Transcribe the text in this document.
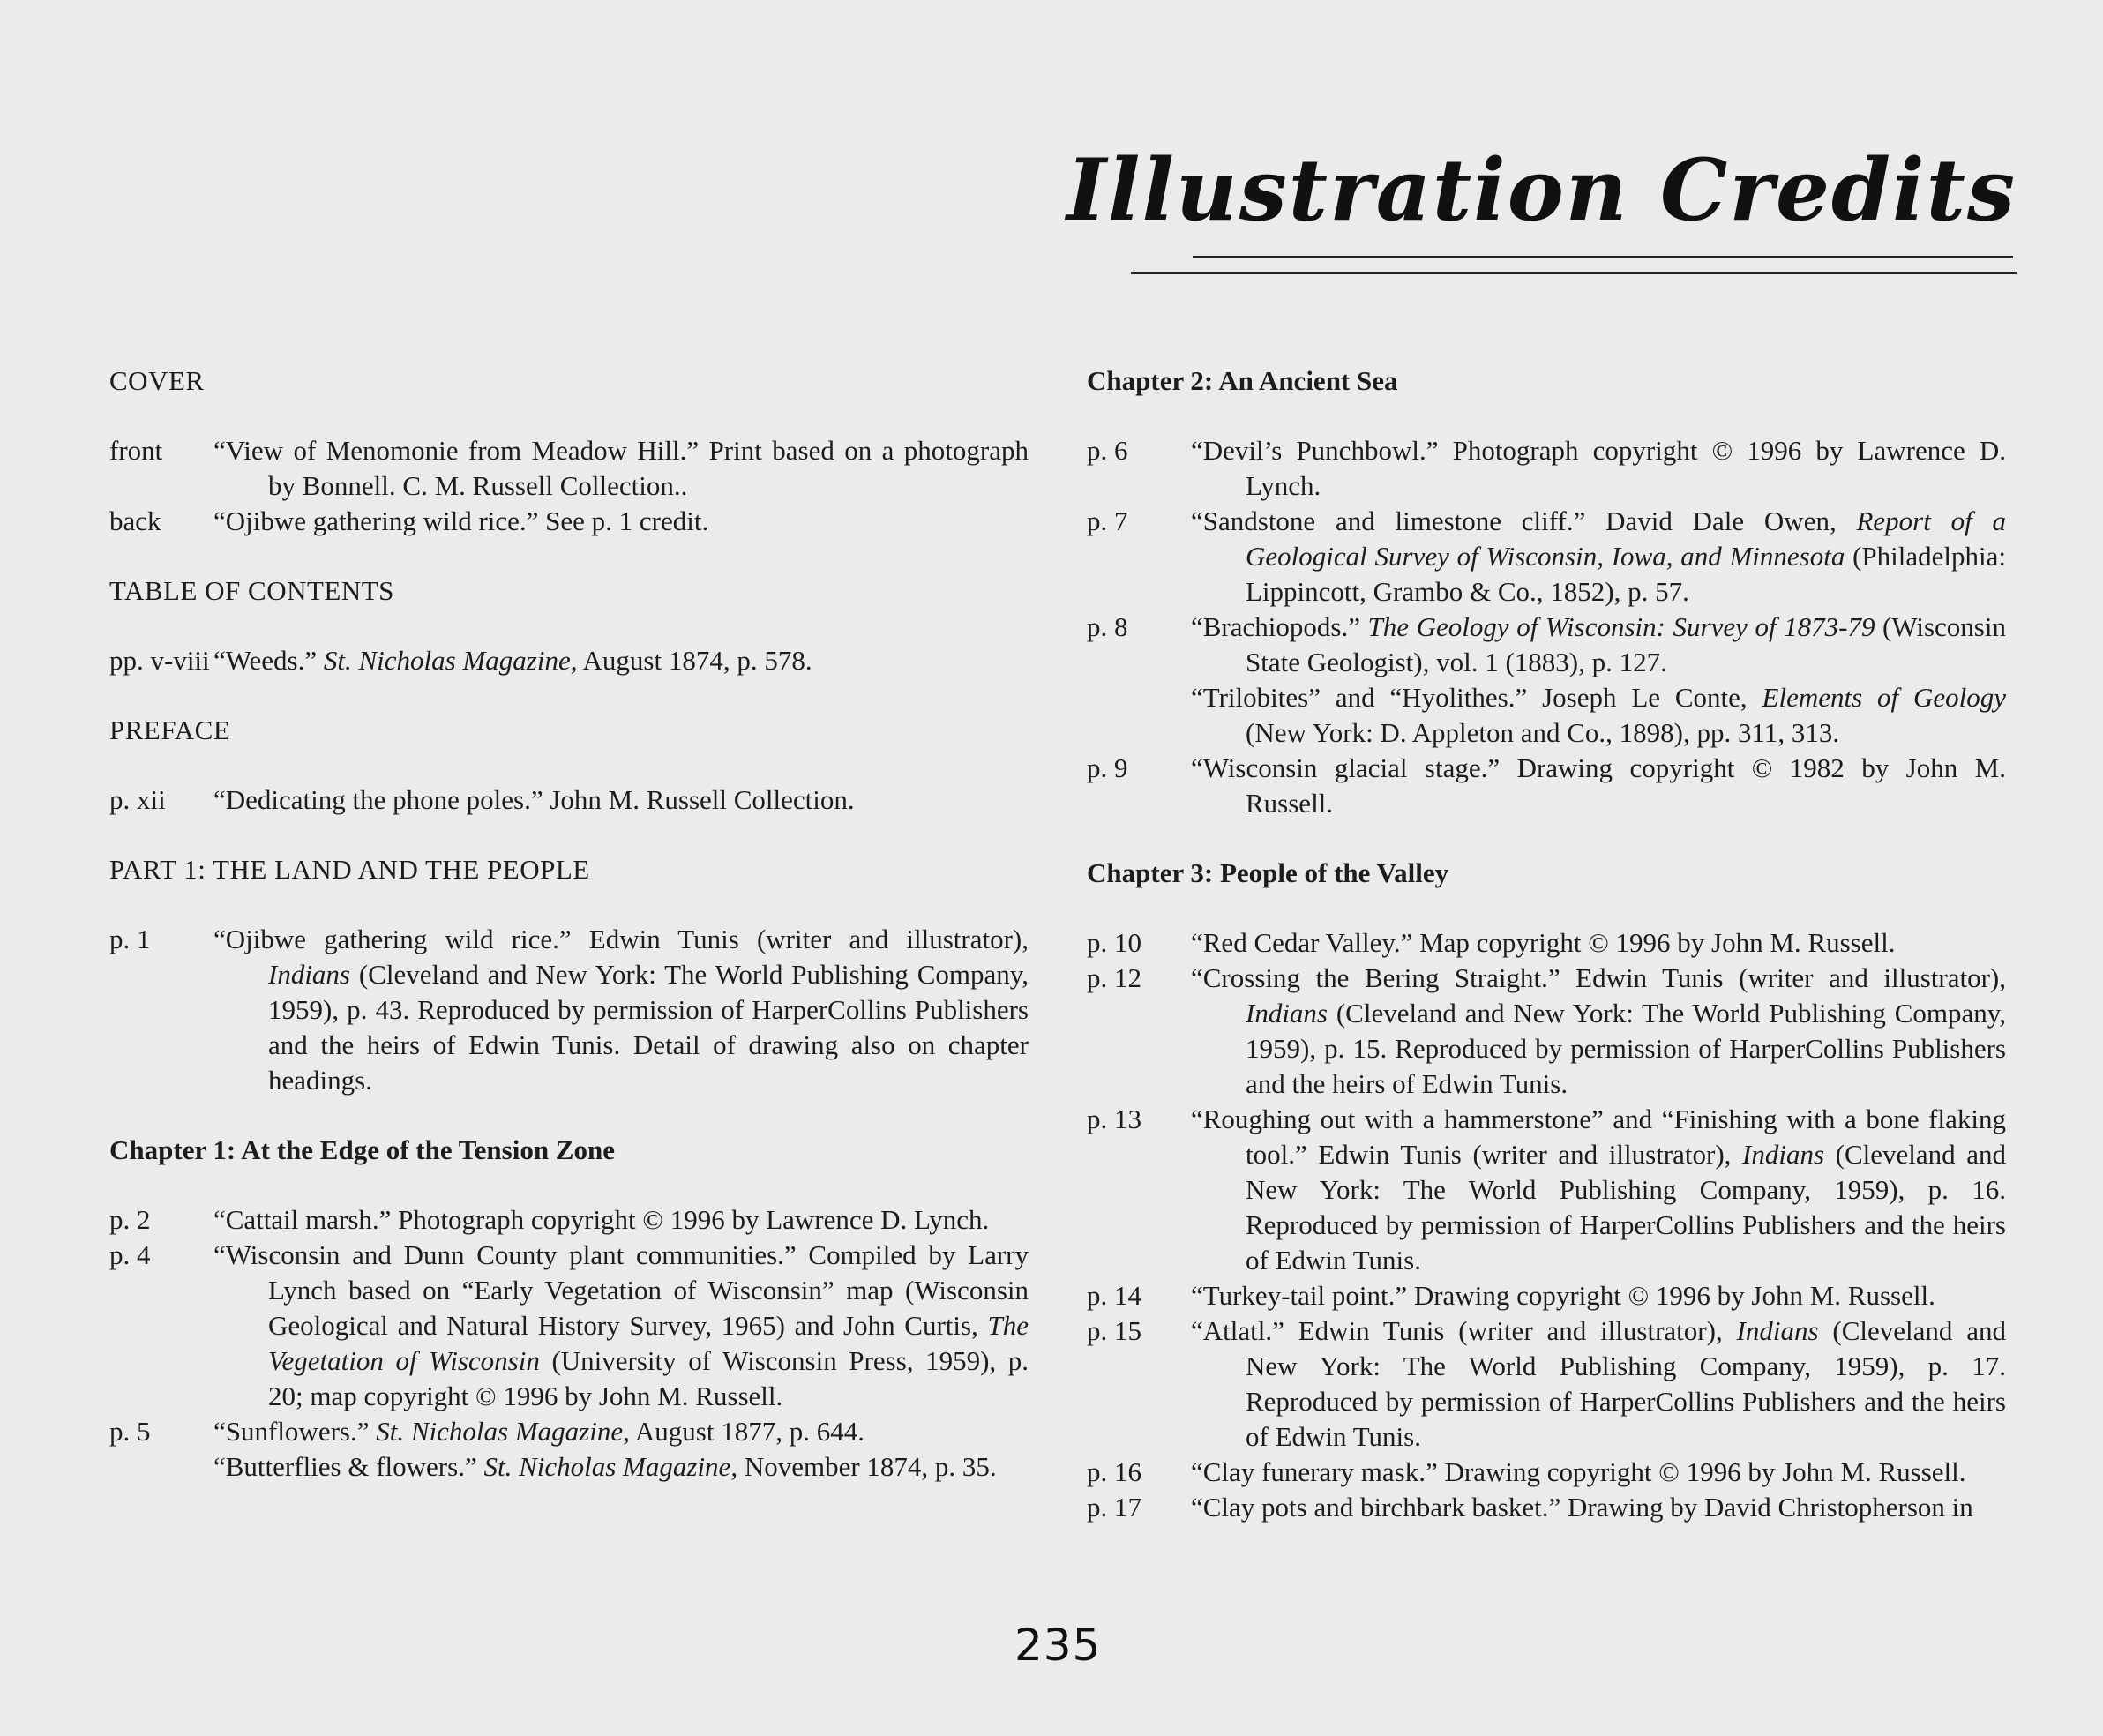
Illustration Credits

COVER

front	“View of Menomonie from Meadow Hill.” Print based on a photograph by Bonnell. C. M. Russell Collection..
back	“Ojibwe gathering wild rice.” See p. 1 credit.

TABLE OF CONTENTS

pp. v-viii “Weeds.” St. Nicholas Magazine, August 1874, p. 578.

PREFACE

p. xii	“Dedicating the phone poles.” John M. Russell Collection.

PART 1: THE LAND AND THE PEOPLE

p. 1	“Ojibwe gathering wild rice.” Edwin Tunis (writer and illustrator), Indians (Cleveland and New York: The World Publishing Company, 1959), p. 43. Reproduced by permission of HarperCollins Publishers and the heirs of Edwin Tunis. Detail of drawing also on chapter headings.

Chapter 1: At the Edge of the Tension Zone

p. 2	“Cattail marsh.” Photograph copyright © 1996 by Lawrence D. Lynch.
p. 4	“Wisconsin and Dunn County plant communities.” Compiled by Larry Lynch based on “Early Vegetation of Wisconsin” map (Wisconsin Geological and Natural History Survey, 1965) and John Curtis, The Vegetation of Wisconsin (University of Wisconsin Press, 1959), p. 20; map copyright © 1996 by John M. Russell.
p. 5	“Sunflowers.” St. Nicholas Magazine, August 1877, p. 644.
“Butterflies & flowers.” St. Nicholas Magazine, November 1874, p. 35.

Chapter 2: An Ancient Sea

p. 6	“Devil’s Punchbowl.” Photograph copyright © 1996 by Lawrence D. Lynch.
p. 7	“Sandstone and limestone cliff.” David Dale Owen, Report of a Geological Survey of Wisconsin, Iowa, and Minnesota (Philadelphia: Lippincott, Grambo & Co., 1852), p. 57.
p. 8	“Brachiopods.” The Geology of Wisconsin: Survey of 1873-79 (Wisconsin State Geologist), vol. 1 (1883), p. 127.
“Trilobites” and “Hyolithes.” Joseph Le Conte, Elements of Geology (New York: D. Appleton and Co., 1898), pp. 311, 313.
p. 9	“Wisconsin glacial stage.” Drawing copyright © 1982 by John M. Russell.

Chapter 3: People of the Valley

p. 10	“Red Cedar Valley.” Map copyright © 1996 by John M. Russell.
p. 12	“Crossing the Bering Straight.” Edwin Tunis (writer and illustrator), Indians (Cleveland and New York: The World Publishing Company, 1959), p. 15. Reproduced by permission of HarperCollins Publishers and the heirs of Edwin Tunis.
p. 13	“Roughing out with a hammerstone” and “Finishing with a bone flaking tool.” Edwin Tunis (writer and illustrator), Indians (Cleveland and New York: The World Publishing Company, 1959), p. 16. Reproduced by permission of HarperCollins Publishers and the heirs of Edwin Tunis.
p. 14	“Turkey-tail point.” Drawing copyright © 1996 by John M. Russell.
p. 15	“Atlatl.” Edwin Tunis (writer and illustrator), Indians (Cleveland and New York: The World Publishing Company, 1959), p. 17. Reproduced by permission of HarperCollins Publishers and the heirs of Edwin Tunis.
p. 16	“Clay funerary mask.” Drawing copyright © 1996 by John M. Russell.
p. 17	“Clay pots and birchbark basket.” Drawing by David Christopherson in
235
